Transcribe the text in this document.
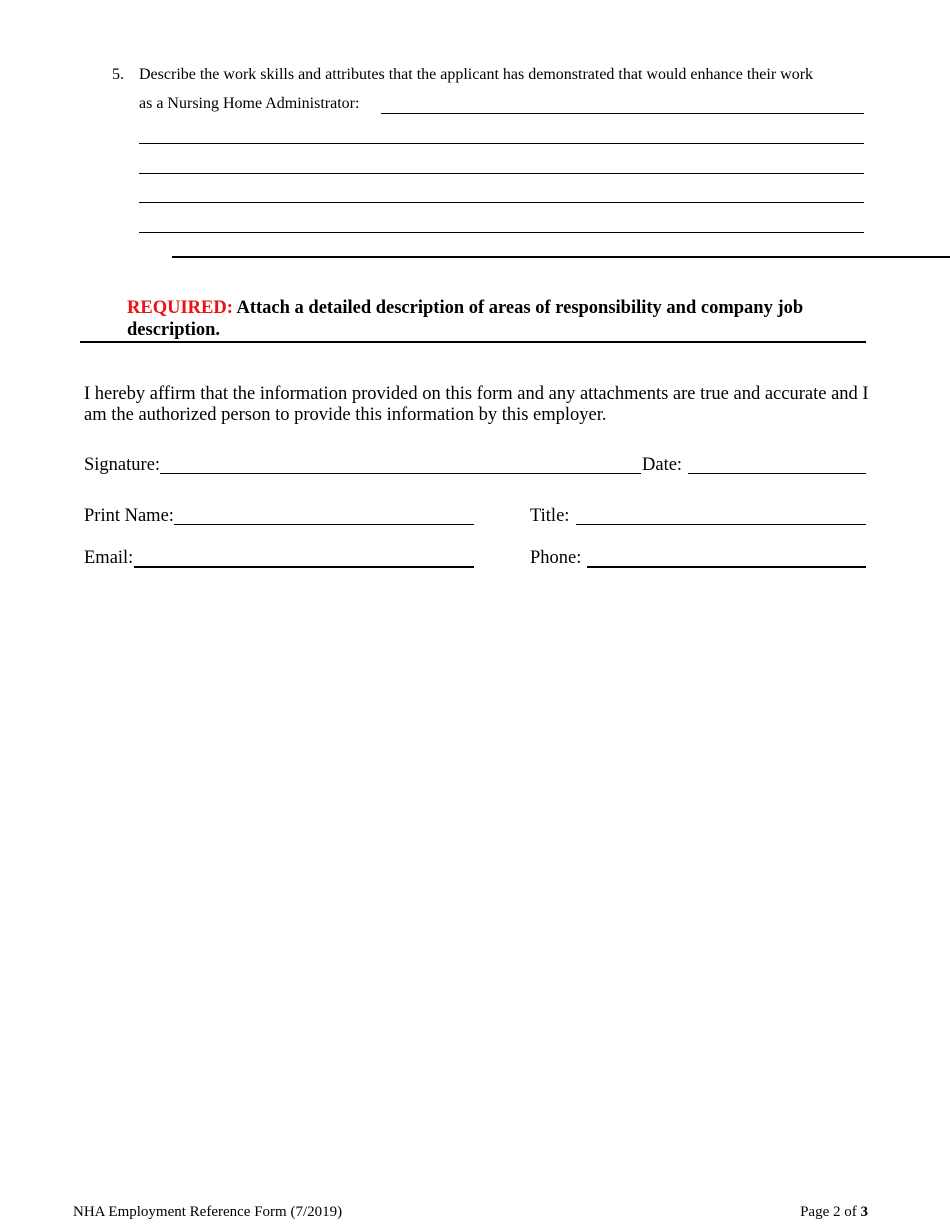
5. Describe the work skills and attributes that the applicant has demonstrated that would enhance their work
as a Nursing Home Administrator:
REQUIRED: Attach a detailed description of areas of responsibility and company job description.
I hereby affirm that the information provided on this form and any attachments are true and accurate and I am the authorized person to provide this information by this employer.
Signature:	Date:
Print Name:	Title:
Email:	Phone:
NHA Employment Reference Form (7/2019)	Page 2 of 3
